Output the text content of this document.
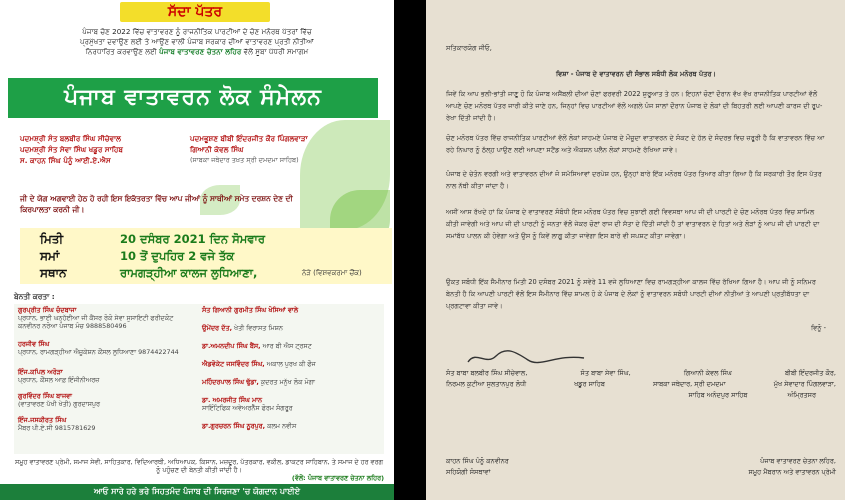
ਸੱਦਾ ਪੱਤਰ
ਪੰਜਾਬ ਚੋਣ 2022 ਵਿੱਚ ਵਾਤਾਵਰਣ ਨੂੰ ਰਾਜਨੀਤਿਕ ਪਾਰਟੀਆਂ ਦੇ ਚੋਣ ਮਨੋਰਥ ਪੱਤਰਾਂ ਵਿੱਚ
ਪ੍ਰਮੁੱਖਤਾ ਦਵਾਉਣ ਲਈ ਤੇ ਆਉਣ ਵਾਲੀ ਪੰਜਾਬ ਸਰਕਾਰ ਦੀਆਂ ਵਾਤਾਵਰਣ ਪ੍ਰਤੀ ਨੀਤੀਆਂ
ਨਿਰਧਾਰਿਤ ਕਰਵਾਉਣ ਲਈ ਪੰਜਾਬ ਵਾਤਾਵਰਣ ਚੇਤਨਾ ਲਹਿਰ ਵੱਲੋਂ ਸੂਬਾ ਪੱਧਰੀ ਸਮਾਗਮ
ਪੰਜਾਬ ਵਾਤਾਵਰਨ ਲੋਕ ਸੰਮੇਲਨ
ਪਦਮਸ਼੍ਰੀ ਸੰਤ ਬਲਬੀਰ ਸਿੰਘ ਸੀਚੇਵਾਲ	ਪਦਮਭੂਸ਼ਣ ਬੀਬੀ ਇੰਦਰਜੀਤ ਕੌਰ ਪਿੰਗਲਵਾੜਾ
ਪਦਮਸ਼੍ਰੀ ਸੰਤ ਸੇਵਾ ਸਿੰਘ ਖਡੂਰ ਸਾਹਿਬ	ਗਿਆਨੀ ਕੇਵਲ ਸਿੰਘ
ਸ. ਕਾਹਨ ਸਿੰਘ ਪੰਨੂੰ ਆਈ.ਏ.ਐਸ	(ਸਾਬਕਾ ਜਥੇਦਾਰ ਤਖ਼ਤ ਸ੍ਰੀ ਦਮਦਮਾ ਸਾਹਿਬ)
ਜੀ ਦੇ ਯੋਗ ਅਗਵਾਈ ਹੇਠ ਹੋ ਰਹੀ ਇਸ ਇਕੱਤਰਤਾ ਵਿੱਚ ਆਪ ਜੀਆਂ ਨੂੰ ਸਾਥੀਆਂ ਸਮੇਤ ਦਰਸ਼ਨ ਦੇਣ ਦੀ
ਕਿਰਪਾਲਤਾ ਕਰਨੀ ਜੀ।
ਮਿਤੀ	20 ਦਸੰਬਰ 2021 ਦਿਨ ਸੋਮਵਾਰ
ਸਮਾਂ	10 ਤੋਂ ਦੁਪਹਿਰ 2 ਵਜੇ ਤੱਕ
ਸਥਾਨ	ਰਾਮਗੜ੍ਹੀਆ ਕਾਲਜ ਲੁਧਿਆਣਾ,	ਨੇੜੇ (ਵਿਸ਼ਵਕਰਮਾ ਚੌਂਕ)
ਬੇਨਤੀ ਕਰਤਾ :
ਗੁਰਪ੍ਰੀਤ ਸਿੰਘ ਚੰਦਬਾਜਾ
ਪ੍ਰਧਾਨ, ਭਾਈ ਘਨ੍ਹੱਈਆ ਜੀ ਕੈਂਸਰ ਰੋਕੋ ਸੇਵਾ ਸੁਸਾਇਟੀ ਫਰੀਦਕੋਟ ਕਨਵੀਨਰ ਨਰੋਆ ਪੰਜਾਬ ਮੰਚ 9888580496
ਹਰਜੀਵ ਸਿੰਘ
ਪ੍ਰਧਾਨ, ਰਾਮਗੜ੍ਹੀਆ ਐਜੂਕੇਸ਼ਨ ਕੌਂਸਲ ਲੁਧਿਆਣਾ 9874422744
ਇੰਜ.ਕਪਿਲ ਅਰੋੜਾ
ਪ੍ਰਧਾਨ, ਕੌਂਸਲ ਆਫ਼ ਇੰਜੀਨੀਅਰਜ਼
ਗੁਰਵਿੰਦਰ ਸਿੰਘ ਬਾਜਵਾ
(ਵਾਤਾਵਰਣ ਪੱਖੀ ਖੇਤੀ) ਗੁਰਦਾਸਪੁਰ
ਇੰਜ.ਜਸਕੀਰਤ ਸਿੰਘ
ਮੈਂਬਰ ਪੀ.ਏ.ਸੀ 9815781629
ਸੰਤ ਗਿਆਨੀ ਗੁਰਮੀਤ ਸਿੰਘ ਖੋਸਿਆਂ ਵਾਲੇ
ਉਮੇਂਦਰ ਦੱਤ, ਖੇਤੀ ਵਿਰਾਸਤ ਮਿਸ਼ਨ
ਡਾ.ਅਮਨਦੀਪ ਸਿੰਘ ਬੈਂਸ, ਆਰ ਬੀ ਐਸ ਟ੍ਰਸਟ
ਐਡਵੋਕੇਟ ਜਸਵਿੰਦਰ ਸਿੰਘ, ਅਕਾਲ ਪੁਰਖ ਕੀ ਫੌਜ
ਮਹਿੰਦਰਪਾਲ ਸਿੰਘ ਢੁੱਡਾ, ਕੁਦਰਤ ਮਨੁੱਖ ਲੋਕ ਮੋਗਾ
ਡਾ. ਅਮਰਜੀਤ ਸਿੰਘ ਮਾਨ
ਸਾਇੰਟਿਫਿਕ ਅਵੇਅਰਨੈੱਸ ਫੋਰਮ ਸੰਗਰੂਰ
ਡਾ.ਗੁਰਚਰਨ ਸਿੰਘ ਨੂਰਪੁਰ, ਕਲਮ ਨਵੀਸ
ਸਮੂਹ ਵਾਤਾਵਰਣ ਪ੍ਰੇਮੀ, ਸਮਾਜ ਸੇਵੀ, ਸਾਹਿਤਕਾਰ, ਵਿਦਿਆਰਥੀ, ਅਧਿਆਪਕ, ਕਿਸਾਨ, ਮਜ਼ਦੂਰ, ਪੱਤਰਕਾਰ, ਵਕੀਲ, ਡਾਕਟਰ ਸਾਹਿਬਾਨ, ਤੇ ਸਮਾਜ ਦੇ ਹਰ ਵਰਗ ਨੂੰ ਪਹੁੰਚਣ ਦੀ ਬੇਨਤੀ ਕੀਤੀ ਜਾਂਦੀ ਹੈ।
(ਵੱਲੋਂ: ਪੰਜਾਬ ਵਾਤਾਵਰਣ ਚੇਤਨਾ ਲਹਿਰ)
ਆਓ ਸਾਰੇ ਹਰੇ ਭਰੇ ਸਿਹਤਮੰਦ ਪੰਜਾਬ ਦੀ ਸਿਰਜਣਾ 'ਚ ਯੋਗਦਾਨ ਪਾਈਏ
ਸਤਿਕਾਰਯੋਗ ਜੀਓ,
ਵਿਸ਼ਾ - ਪੰਜਾਬ ਦੇ ਵਾਤਾਵਰਨ ਦੀ ਸੰਭਾਲ ਸਬੰਧੀ ਲੋਕ ਮਨੋਰਥ ਪੱਤਰ।
ਜਿਵੇਂ ਕਿ ਆਪ ਭਲੀ-ਭਾਂਤੀ ਜਾਣੂ ਹੋ ਕਿ ਪੰਜਾਬ ਅਸੈਂਬਲੀ ਦੀਆਂ ਚੋਣਾਂ ਫਰਵਰੀ 2022 ਸ਼ੁਰੂਆਤ ਤੇ ਹਨ। ਇਹਨਾਂ ਚੋਣਾਂ ਦੌਰਾਨ ਵੱਖ ਵੱਖ ਰਾਜਨੀਤਿਕ ਪਾਰਟੀਆਂ ਵੱਲੋਂ ਆਪਣੇ ਚੋਣ ਮਨੋਰਥ ਪੱਤਰ ਜਾਰੀ ਕੀਤੇ ਜਾਣੇ ਹਨ, ਜਿਨ੍ਹਾਂ ਵਿਚ ਪਾਰਟੀਆਂ ਵੱਲੋਂ ਅਗਲੇ ਪੰਜ ਸਾਲਾਂ ਦੌਰਾਨ ਪੰਜਾਬ ਦੇ ਲੋਕਾਂ ਦੀ ਬਿਹਤਰੀ ਲਈ ਆਪਣੀ ਕਾਰਜ ਦੀ ਰੂਪ-ਰੇਖਾ ਦਿੱਤੀ ਜਾਂਦੀ ਹੈ।
ਚੋਣ ਮਨੋਰਥ ਪੱਤਰ ਵਿੱਚ ਰਾਜਨੀਤਿਕ ਪਾਰਟੀਆਂ ਵੱਲੋਂ ਲੋਕਾਂ ਸਾਹਮਣੇ ਪੰਜਾਬ ਦੇ ਮੌਜੂਦਾ ਵਾਤਾਵਰਨ ਦੇ ਸੰਕਟ ਦੇ ਹੱਲ ਦੇ ਸੰਦਰਭ ਵਿਚ ਜ਼ਰੂਰੀ ਹੈ ਕਿ ਵਾਤਾਵਰਨ ਵਿੱਚ ਆ ਰਹੇ ਨਿਘਾਰ ਨੂੰ ਠੱਲ੍ਹ ਪਾਉਣ ਲਈ ਆਪਣਾ ਸਟੈਂਡ ਅਤੇ ਐਕਸ਼ਨ ਪਲੈਨ ਲੋਕਾਂ ਸਾਹਮਣੇ ਰੱਖਿਆ ਜਾਵੇ।
ਪੰਜਾਬ ਦੇ ਚੇਤੰਨ ਵਰਗੀ ਅਤੇ ਵਾਤਾਵਰਨ ਦੀਆਂ ਜੋ ਸਮੱਸਿਆਵਾਂ ਦਰਪੇਸ਼ ਹਨ, ਉਨ੍ਹਾਂ ਬਾਰੇ ਇੱਕ ਮਨੋਰਥ ਪੱਤਰ ਤਿਆਰ ਕੀਤਾ ਗਿਆ ਹੈ ਕਿ ਸਰਕਾਰੀ ਤੌਰ ਇਸ ਪੱਤਰ ਨਾਲ ਨੱਥੀ ਕੀਤਾ ਜਾਂਦਾ ਹੈ।
ਅਸੀਂ ਆਸ ਰੱਖਦੇ ਹਾਂ ਕਿ ਪੰਜਾਬ ਦੇ ਵਾਤਾਵਰਣ ਸੰਬੰਧੀ ਇਸ ਮਨੋਰਥ ਪੱਤਰ ਵਿਚ ਸੁਝਾਈ ਗਈ ਵਿਵਸਥਾ ਆਪ ਜੀ ਦੀ ਪਾਰਟੀ ਦੇ ਚੋਣ ਮਨੋਰਥ ਪੱਤਰ ਵਿਚ ਸ਼ਾਮਿਲ ਕੀਤੀ ਜਾਵੇਗੀ ਅਤੇ ਆਪ ਜੀ ਦੀ ਪਾਰਟੀ ਨੂੰ ਜਨਤਾ ਵੱਲੋਂ ਜੇਕਰ ਚੋਣਾਂ ਰਾਜ ਦੀ ਸੱਤਾ ਦੇ ਦਿੱਤੀ ਜਾਂਦੀ ਹੈ ਤਾਂ ਵਾਤਾਵਰਨ ਦੇ ਹਿਤਾਂ ਅਤੇ ਲੋੜਾਂ ਨੂੰ ਆਪ ਜੀ ਦੀ ਪਾਰਟੀ ਦਾ ਸਮਾਂਬੱਧ ਪਾਲਨ ਕੀ ਹੋਵੇਗਾ ਅਤੇ ਉਸ ਨੂੰ ਕਿਵੇਂ ਲਾਗੂ ਕੀਤਾ ਜਾਵੇਗਾ ਇਸ ਬਾਰੇ ਵੀ ਸਪਸ਼ਟ ਕੀਤਾ ਜਾਵੇਗਾ।
ਉਕਤ ਸਬੰਧੀ ਇੱਕ ਸੈਮੀਨਾਰ ਮਿਤੀ 20 ਦਸੰਬਰ 2021 ਨੂੰ ਸਵੇਰੇ 11 ਵਜੇ ਲੁਧਿਆਣਾ ਵਿਚ ਰਾਮਗੜ੍ਹੀਆ ਕਾਲਜ ਵਿੱਚ ਰੱਖਿਆ ਗਿਆ ਹੈ। ਆਪ ਜੀ ਨੂੰ ਸਨਿਮਰ ਬੇਨਤੀ ਹੈ ਕਿ ਆਪਣੀ ਪਾਰਟੀ ਵੱਲੋਂ ਇਸ ਸੈਮੀਨਾਰ ਵਿੱਚ ਸ਼ਾਮਲ ਹੋ ਕੇ ਪੰਜਾਬ ਦੇ ਲੋਕਾਂ ਨੂੰ ਵਾਤਾਵਰਨ ਸਬੰਧੀ ਪਾਰਟੀ ਦੀਆਂ ਨੀਤੀਆਂ ਤੇ ਆਪਣੀ ਪ੍ਰਤੀਬੱਧਤਾ ਦਾ ਪ੍ਰਗਟਾਵਾ ਕੀਤਾ ਜਾਵੇ।
ਵਿਨੂੰ -
ਸੰਤ ਬਾਬਾ ਬਲਬੀਰ ਸਿੰਘ ਸੀਚੇਵਾਲ,	ਸੰਤ ਬਾਬਾ ਸੇਵਾ ਸਿੰਘ,	ਗਿਆਨੀ ਕੇਵਲ ਸਿੰਘ	ਬੀਬੀ ਇੰਦਰਜੀਤ ਕੌਰ,
ਨਿਰਮਲ ਕੁਟੀਆ ਸੁਲਤਾਨਪੁਰ ਲੋਧੀ	ਖਡੂਰ ਸਾਹਿਬ	ਸਾਬਕਾ ਜਥੇਦਾਰ, ਸ੍ਰੀ ਦਮਦਮਾ	ਮੁੱਖ ਸੇਵਾਦਾਰ ਪਿੰਗਲਵਾੜਾ,
ਸਾਹਿਬ ਅਨੰਦਪੁਰ ਸਾਹਿਬ	ਅੰਮ੍ਰਿਤਸਰ
ਕਾਹਨ ਸਿੰਘ ਪੰਨੂੰ ਕਨਵੀਨਰ	ਪੰਜਾਬ ਵਾਤਾਵਰਣ ਚੇਤਨਾ ਲਹਿਰ,
ਸਹਿਯੋਗੀ ਸੰਸਥਾਵਾਂ	ਸਮੂਹ ਮੈਂਬਰਾਨ ਅਤੇ ਵਾਤਾਵਰਨ ਪ੍ਰੇਮੀ
